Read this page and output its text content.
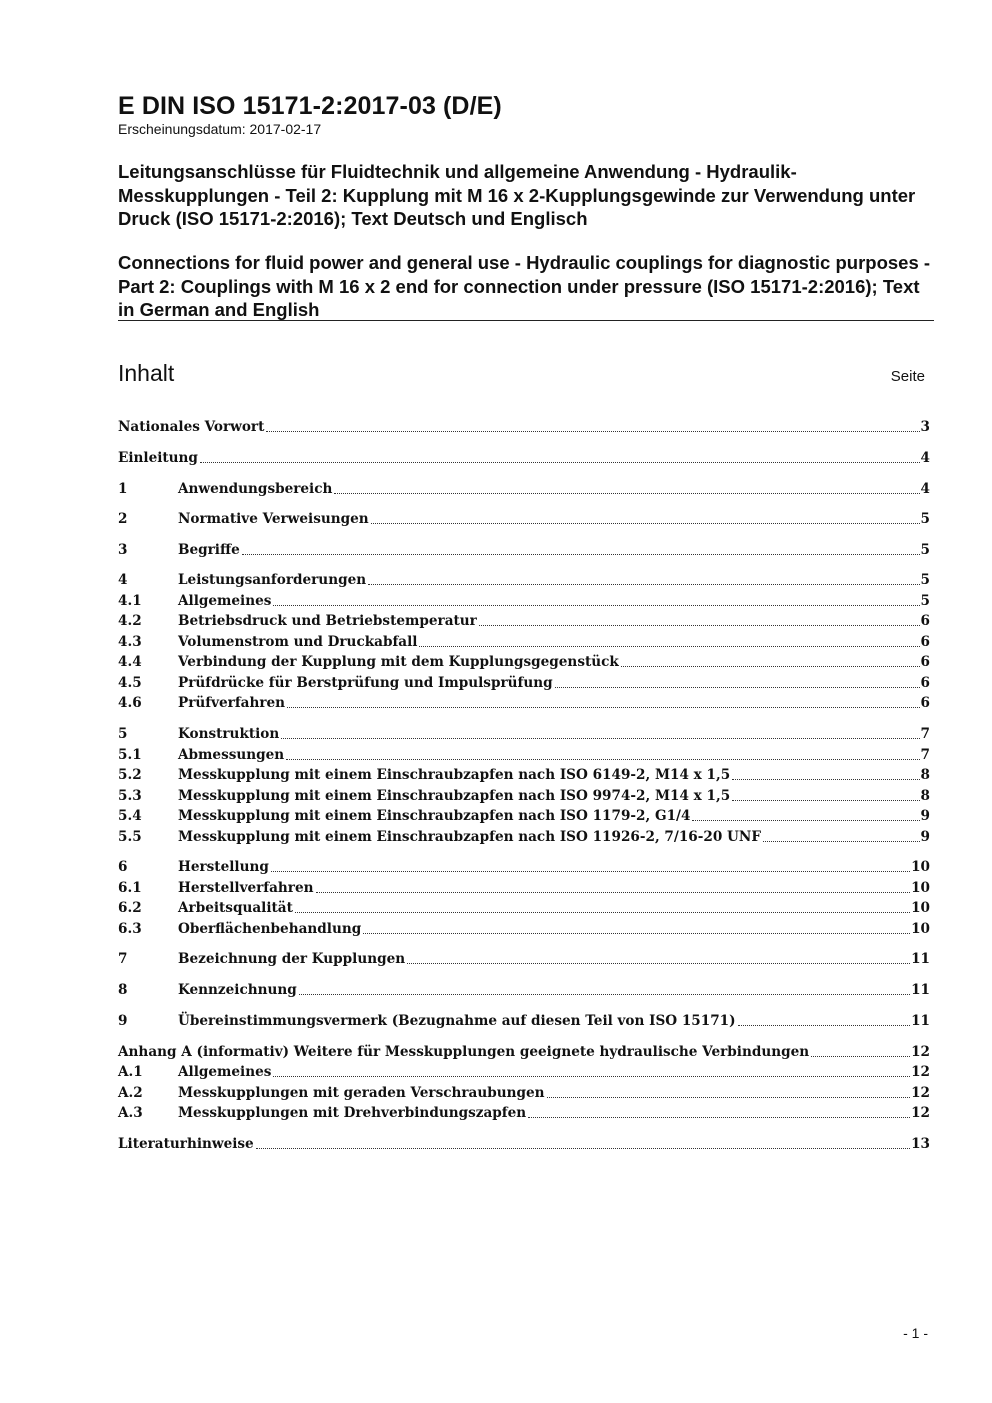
E DIN ISO 15171-2:2017-03 (D/E)
Erscheinungsdatum: 2017-02-17
Leitungsanschlüsse für Fluidtechnik und allgemeine Anwendung - Hydraulik-Messkupplungen - Teil 2: Kupplung mit M 16 x 2-Kupplungsgewinde zur Verwendung unter Druck (ISO 15171-2:2016); Text Deutsch und Englisch
Connections for fluid power and general use - Hydraulic couplings for diagnostic purposes - Part 2: Couplings with M 16 x 2 end for connection under pressure (ISO 15171-2:2016); Text in German and English
Inhalt	Seite
Nationales Vorwort	3
Einleitung	4
1	Anwendungsbereich	4
2	Normative Verweisungen	5
3	Begriffe	5
4	Leistungsanforderungen	5
4.1	Allgemeines	5
4.2	Betriebsdruck und Betriebstemperatur	6
4.3	Volumenstrom und Druckabfall	6
4.4	Verbindung der Kupplung mit dem Kupplungsgegenstück	6
4.5	Prüfdrücke für Berstprüfung und Impulsprüfung	6
4.6	Prüfverfahren	6
5	Konstruktion	7
5.1	Abmessungen	7
5.2	Messkupplung mit einem Einschraubzapfen nach ISO 6149-2, M14 x 1,5	8
5.3	Messkupplung mit einem Einschraubzapfen nach ISO 9974-2, M14 x 1,5	8
5.4	Messkupplung mit einem Einschraubzapfen nach ISO 1179-2, G1/4	9
5.5	Messkupplung mit einem Einschraubzapfen nach ISO 11926-2, 7/16-20 UNF	9
6	Herstellung	10
6.1	Herstellverfahren	10
6.2	Arbeitsqualität	10
6.3	Oberflächenbehandlung	10
7	Bezeichnung der Kupplungen	11
8	Kennzeichnung	11
9	Übereinstimmungsvermerk (Bezugnahme auf diesen Teil von ISO 15171)	11
Anhang A (informativ) Weitere für Messkupplungen geeignete hydraulische Verbindungen	12
A.1	Allgemeines	12
A.2	Messkupplungen mit geraden Verschraubungen	12
A.3	Messkupplungen mit Drehverbindungszapfen	12
Literaturhinweise	13
- 1 -
